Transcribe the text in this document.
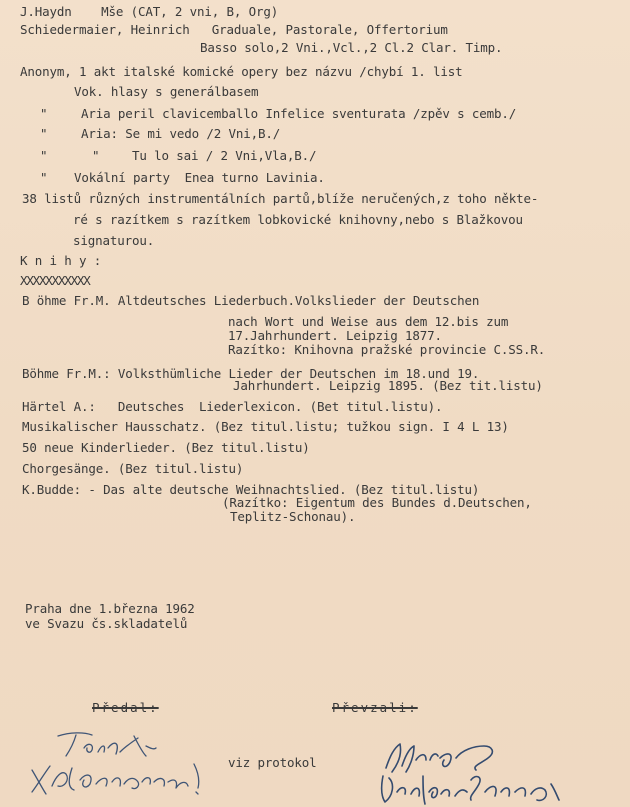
J.Haydn    Mše (CAT, 2 vni, B, Org)
Schiedermaier, Heinrich   Graduale, Pastorale, Offertorium
Basso solo,2 Vni.,Vcl.,2 Cl.2 Clar. Timp.
Anonym, 1 akt italské komické opery bez názvu /chybí 1. list
Vok. hlasy s generálbasem
"	Aria peril clavicemballo Infelice sventurata /zpěv s cemb./
"	Aria: Se mi vedo /2 Vni,B./
"	"	Tu lo sai / 2 Vni,Vla,B./
" Vokální party  Enea turno Lavinia.
38 listů různých instrumentálních partů,blíže neručených,z toho někte-
ré s razítkem s razítkem lobkovické knihovny,nebo s Blažkovou
signaturou.
K n i h y :
XXXXXXXXXXX
B öhme Fr.M. Altdeutsches Liederbuch.Volkslieder der Deutschen
nach Wort und Weise aus dem 12.bis zum
17.Jahrhundert. Leipzig 1877.
Razítko: Knihovna pražské provincie C.SS.R.
Böhme Fr.M.: Volksthümliche Lieder der Deutschen im 18.und 19.
Jahrhundert. Leipzig 1895. (Bez tit.listu)
Härtel A.:   Deutsches  Liederlexicon. (Bet titul.listu).
Musikalischer Hausschatz. (Bez titul.listu; tužkou sign. I 4 L 13)
50 neue Kinderlieder. (Bez titul.listu)
Chorgesänge. (Bez titul.listu)
K.Budde: - Das alte deutsche Weihnachtslied. (Bez titul.listu)
(Razítko: Eigentum des Bundes d.Deutschen,
Teplitz-Schonau).
Praha dne 1.března 1962
ve Svazu čs.skladatelů
Předal:	Převzali:
viz protokol
